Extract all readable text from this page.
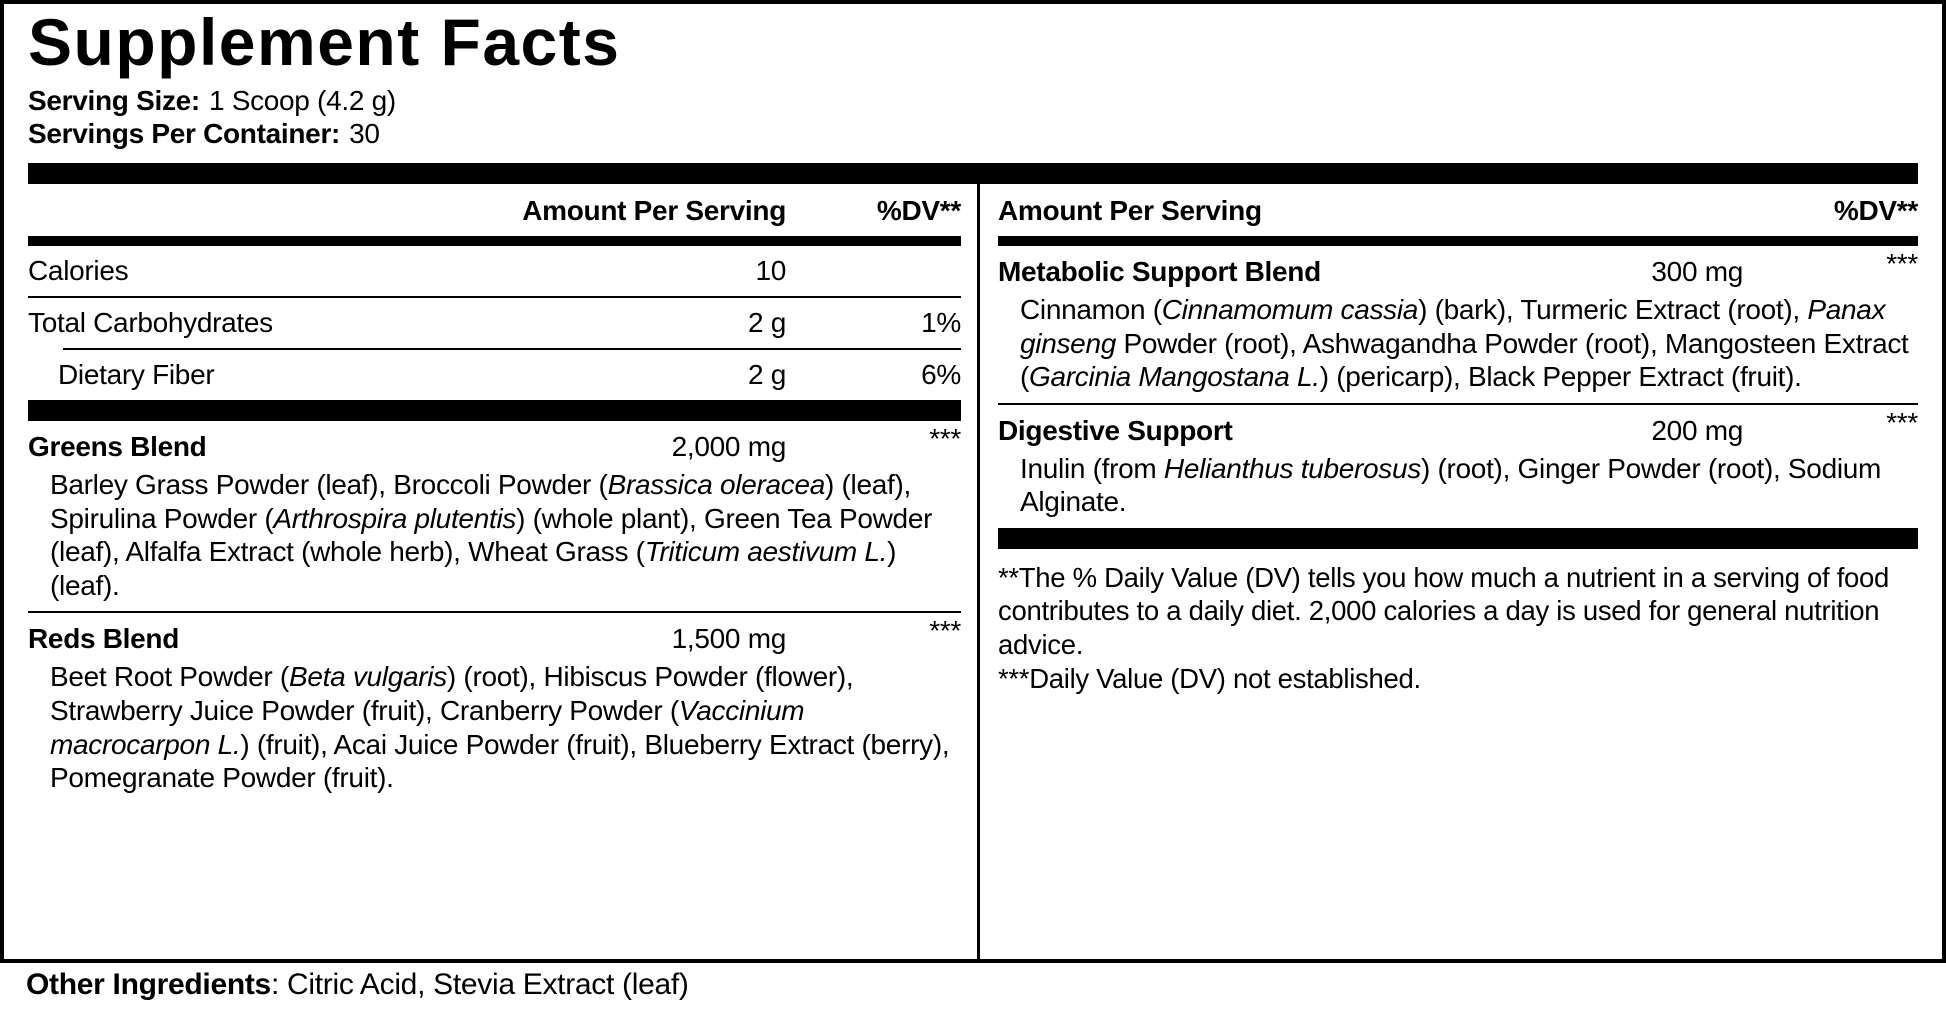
Supplement Facts
Serving Size: 1 Scoop (4.2 g)
Servings Per Container: 30
Amount Per Serving	%DV**
Calories	10
Total Carbohydrates	2 g	1%
Dietary Fiber	2 g	6%
Greens Blend	2,000 mg	***

Barley Grass Powder (leaf), Broccoli Powder (Brassica oleracea) (leaf), Spirulina Powder (Arthrospira plutentis) (whole plant), Green Tea Powder (leaf), Alfalfa Extract (whole herb), Wheat Grass (Triticum aestivum L.) (leaf).

Reds Blend	1,500 mg	***

Beet Root Powder (Beta vulgaris) (root), Hibiscus Powder (flower), Strawberry Juice Powder (fruit), Cranberry Powder (Vaccinium macrocarpon L.) (fruit), Acai Juice Powder (fruit), Blueberry Extract (berry), Pomegranate Powder (fruit).

Amount Per Serving	%DV**
Metabolic Support Blend	300 mg	***

Cinnamon (Cinnamomum cassia) (bark), Turmeric Extract (root), Panax ginseng Powder (root), Ashwagandha Powder (root), Mangosteen Extract (Garcinia Mangostana L.) (pericarp), Black Pepper Extract (fruit).

Digestive Support	200 mg	***

Inulin (from Helianthus tuberosus) (root), Ginger Powder (root), Sodium Alginate.

**The % Daily Value (DV) tells you how much a nutrient in a serving of food contributes to a daily diet. 2,000 calories a day is used for general nutrition advice.
***Daily Value (DV) not established.
Other Ingredients: Citric Acid, Stevia Extract (leaf)
